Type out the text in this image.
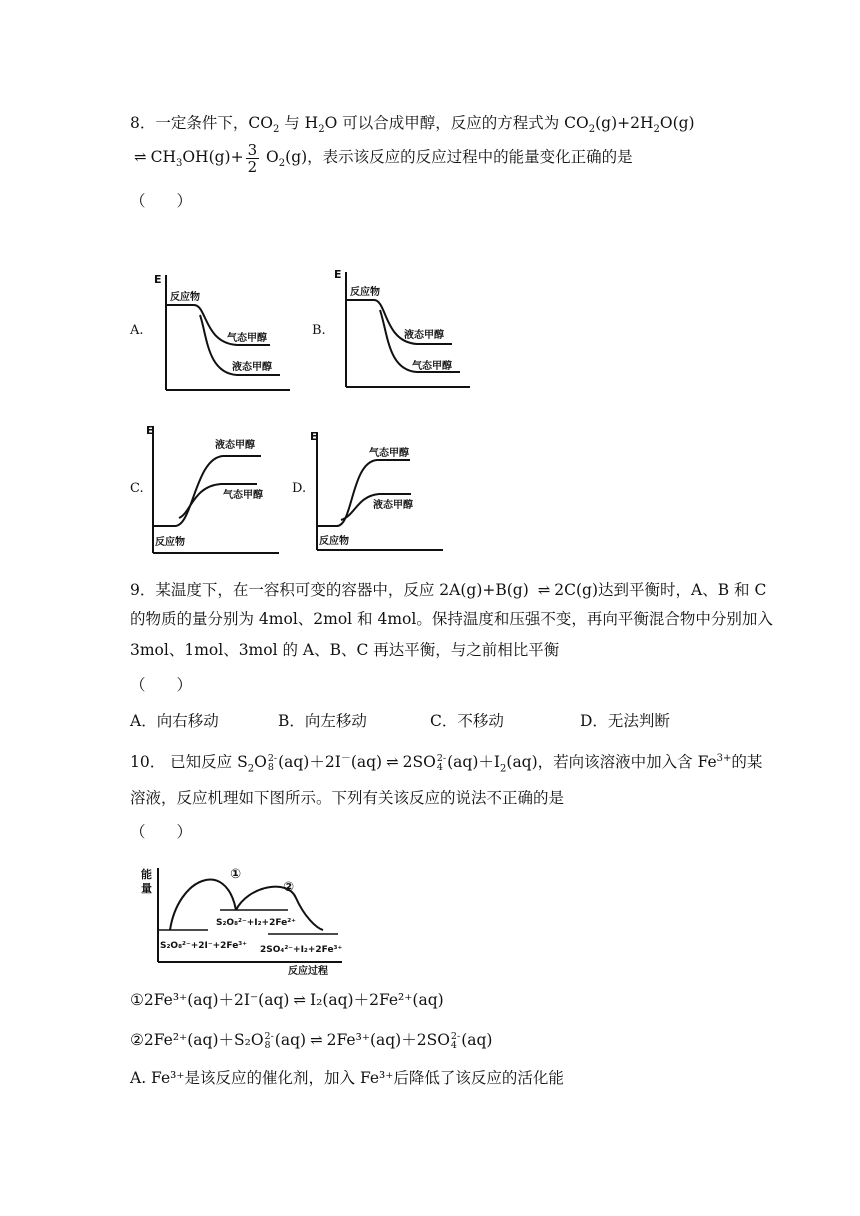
8．一定条件下，$CO_2$ 与 $H_2O$ 可以合成甲醇，反应的方程式为 $CO_2(g)+2H_2O(g)$
⇌ $CH_3OH(g)+ \frac{3}{2} O_2(g)$，表示该反应的反应过程中的能量变化正确的是
（　　）
A.
E
反应物
气态甲醇
液态甲醇
B.
E
反应物
液态甲醇
气态甲醇
C.
E
液态甲醇
气态甲醇
反应物
D.
E
气态甲醇
液态甲醇
反应物
9．某温度下，在一容积可变的容器中，反应 2A(g)+B(g) ⇌ 2C(g)达到平衡时，A、B 和 C
的物质的量分别为 4mol、2mol 和 4mol。保持温度和压强不变，再向平衡混合物中分别加入
3mol、1mol、3mol 的 A、B、C 再达平衡，与之前相比平衡
（　　）
A．向右移动	B．向左移动	C．不移动	D．无法判断
10． 已知反应 $S_2O$ 2-
8 (aq)＋2I－(aq) ⇌ 2SO 2-
4 $(aq)+I_2(aq)$，若向该溶液中加入含 $Fe^{3+}$的某
溶液，反应机理如下图所示。下列有关该反应的说法不正确的是
（　　）
能
量
反应过程
①
②
S₂O₈²⁻+I₂+2Fe²⁺
S₂O₈²⁻+2I⁻+2Fe³⁺ 2SO₄²⁻+I₂+2Fe³⁺
①2Fe³⁺(aq)＋2I⁻(aq) ⇌ I₂(aq)＋2Fe²⁺(aq)
②2Fe²⁺(aq)＋S₂O 2-
8 (aq) ⇌ 2Fe³⁺(aq)＋2SO 2-
4 (aq)
A. Fe³⁺是该反应的催化剂，加入 Fe³⁺后降低了该反应的活化能
